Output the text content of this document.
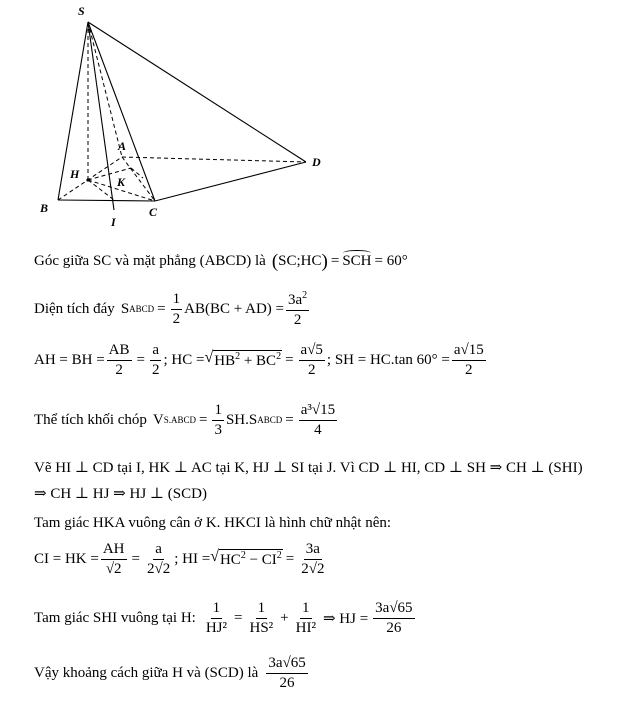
S
A
B	C
D
H
K
I
Góc giữa SC và mặt phẳng (ABCD) là ( SC;HC ) = SCH = 60°
Diện tích đáy S ABCD = $\frac{1}{2} AB(BC + AD) = \frac{3a^2}{2}$
AH = BH = $\frac{AB}{2} = \frac{a}{2}$ ; HC = √ $HB^2 + BC^2 = \frac{a√5}{2}$ ; SH = HC.tan $60^\circ = \frac{a√15}{2}$
Thể tích khối chóp V S.ABCD = $\frac{1}{3} SH.S$ ABCD = $\frac{\text{a³√15}}{4}$
Vẽ HI ⊥ CD tại I, HK ⊥ AC tại K, HJ ⊥ SI tại J. Vì CD ⊥ HI, CD ⊥ SH ⇒ CH ⊥ (SHI)
⇒ CH ⊥ HJ ⇒ HJ ⊥ (SCD)
Tam giác HKA vuông cân ở K. HKCI là hình chữ nhật nên:
CI = HK = $\frac{AH}{√2} = \frac{a}{2√2}$ ; HI = √ $HC^2 - CI^2 = \frac{3a}{2√2}$
Tam giác SHI vuông tại H: $\frac{1}{\text{HJ²}} = \frac{1}{\text{HS²}} + \frac{1}{\text{HI²}}$ ⇒ HJ = $\frac{3a√65}{26}$
Vậy khoảng cách giữa H và (SCD) là $\frac{3a√65}{26}$
